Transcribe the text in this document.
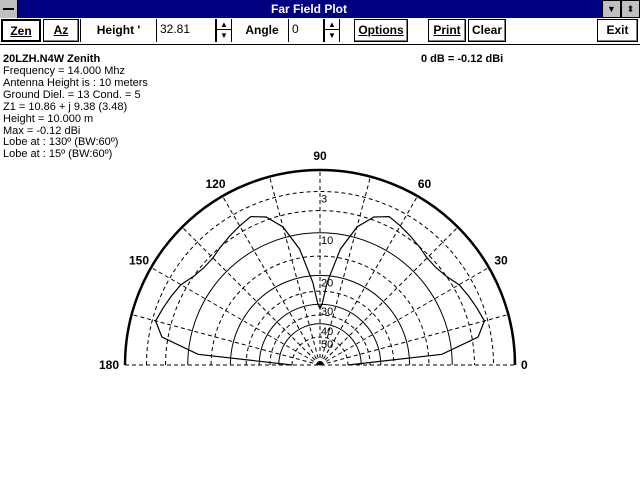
Far Field Plot	▼	⬍
Zen	Az	Height '	32.81	▲
▼	Angle	0	▲
▼	Options	Print Clear	Exit
20LZH.N4W Zenith	0 dB = -0.12 dBi
Frequency = 14.000 Mhz
Antenna Height is : 10 meters
Ground Diel. = 13 Cond. = 5
Z1 = 10.86 + j 9.38 (3.48)
Height = 10.000 m
Max = -0.12 dBi
Lobe at : 130º (BW:60º)
Lobe at : 15º (BW:60º)
3
10
20
30
40
50
180
150
120
90
60
30
0
